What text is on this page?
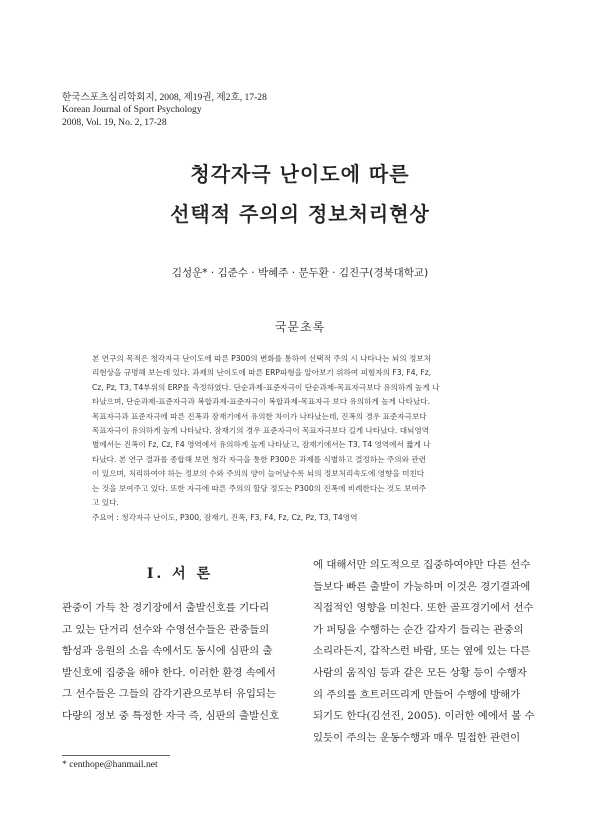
한국스포츠심리학회지, 2008, 제19권, 제2호, 17-28
Korean Journal of Sport Psychology
2008, Vol. 19, No. 2, 17-28
청각자극 난이도에 따른
선택적 주의의 정보처리현상
김성운* · 김준수 · 박혜주 · 문두환 · 김진구(경북대학교)
국문초록
본 연구의 목적은 청각자극 난이도에 따른 P300의 변화를 통하여 선택적 주의 시 나타나는 뇌의 정보처
리현상을 규명해 보는데 있다. 과제의 난이도에 따른 ERP파형을 알아보기 위하여 피험자의 F3, F4, Fz,
Cz, Pz, T3, T4부위의 ERP를 측정하였다. 단순과제-표준자극이 단순과제-목표자극보다 유의하게 높게 나
타났으며, 단순과제-표준자극과 복합과제-표준자극이 복합과제-목표자극 보다 유의하게 높게 나타났다.
목표자극과 표준자극에 따른 진폭과 잠재기에서 유의한 차이가 나타났는데, 진폭의 경우 표준자극보다
목표자극이 유의하게 높게 나타났다. 잠재기의 경우 표준자극이 목표자극보다 길게 나타났다. 대뇌영역
별에서는 진폭이 Fz, Cz, F4 영역에서 유의하게 높게 나타났고, 잠재기에서는 T3, T4 영역에서 짧게 나
타났다. 본 연구 결과를 종합해 보면 청각 자극을 통한 P300은 과제를 식별하고 결정하는 주의와 관련
이 있으며, 처리하여야 하는 정보의 수와 주의의 양이 늘어날수록 뇌의 정보처리속도에 영향을 미친다
는 것을 보여주고 있다. 또한 자극에 따른 주의의 할당 정도는 P300의 진폭에 비례한다는 것도 보여주
고 있다.
주요어 : 청각자극 난이도, P300, 잠재기, 진폭, F3, F4, Fz, Cz, Pz, T3, T4영역
I. 서 론
관중이 가득 찬 경기장에서 출발신호를 기다리
고 있는 단거리 선수와 수영선수들은 관중들의
함성과 응원의 소음 속에서도 동시에 심판의 출
발신호에 집중을 해야 한다. 이러한 환경 속에서
그 선수들은 그들의 감각기관으로부터 유입되는
다량의 정보 중 특정한 자극 즉, 심판의 출발신호
에 대해서만 의도적으로 집중하여야만 다른 선수
들보다 빠른 출발이 가능하며 이것은 경기결과에
직접적인 영향을 미친다. 또한 골프경기에서 선수
가 퍼팅을 수행하는 순간 갑자기 들리는 관중의
소리라든지, 갑작스런 바람, 또는 옆에 있는 다른
사람의 움직임 등과 같은 모든 상황 등이 수행자
의 주의를 흐트러뜨리게 만들어 수행에 방해가
되기도 한다(김선진, 2005). 이러한 예에서 볼 수
있듯이 주의는 운동수행과 매우 밀접한 관련이
* centhope@hanmail.net
